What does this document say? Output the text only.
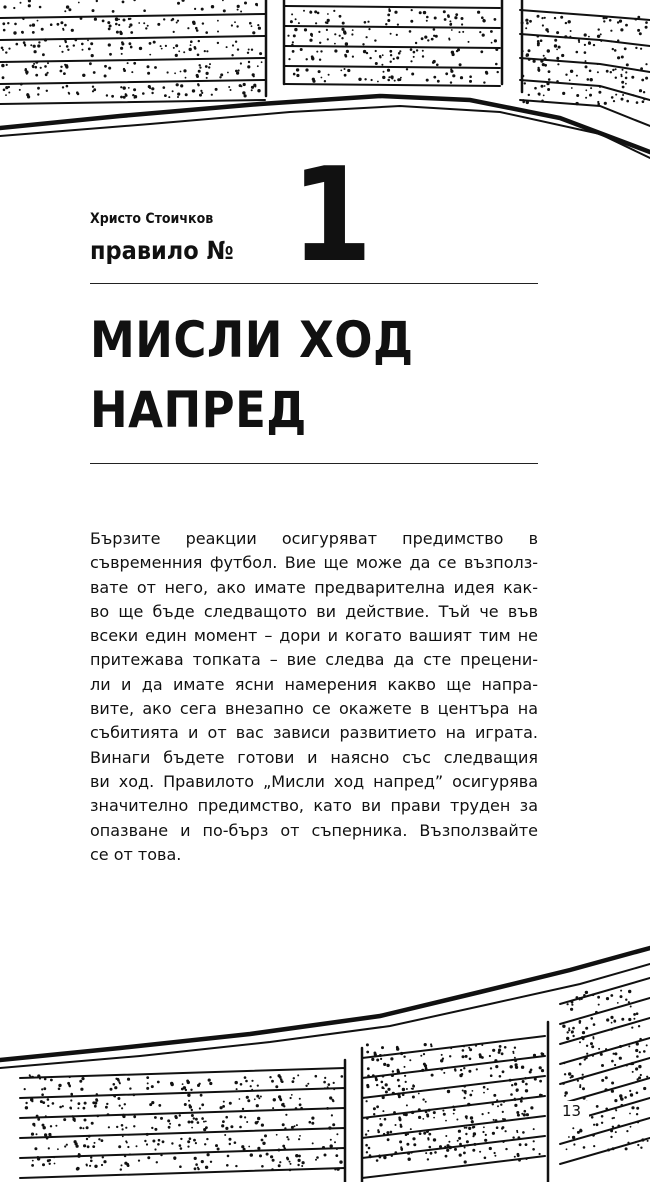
Христо Стоичков
правило № 1
МИСЛИ ХОД
НАПРЕД
Бързите реакции осигуряват предимство в
съвременния футбол. Вие ще може да се възполз-
вате от него, ако имате предварителна идея как-
во ще бъде следващото ви действие. Тъй че във
всеки един момент – дори и когато вашият тим не
притежава топката – вие следва да сте прецени-
ли и да имате ясни намерения какво ще напра-
вите, ако сега внезапно се окажете в центъра на
събитията и от вас зависи развитието на играта.
Винаги бъдете готови и наясно със следващия
ви ход. Правилото „Мисли ход напред” осигурява
значително предимство, като ви прави труден за
опазване и по-бърз от съперника. Възползвайте
се от това.
13
